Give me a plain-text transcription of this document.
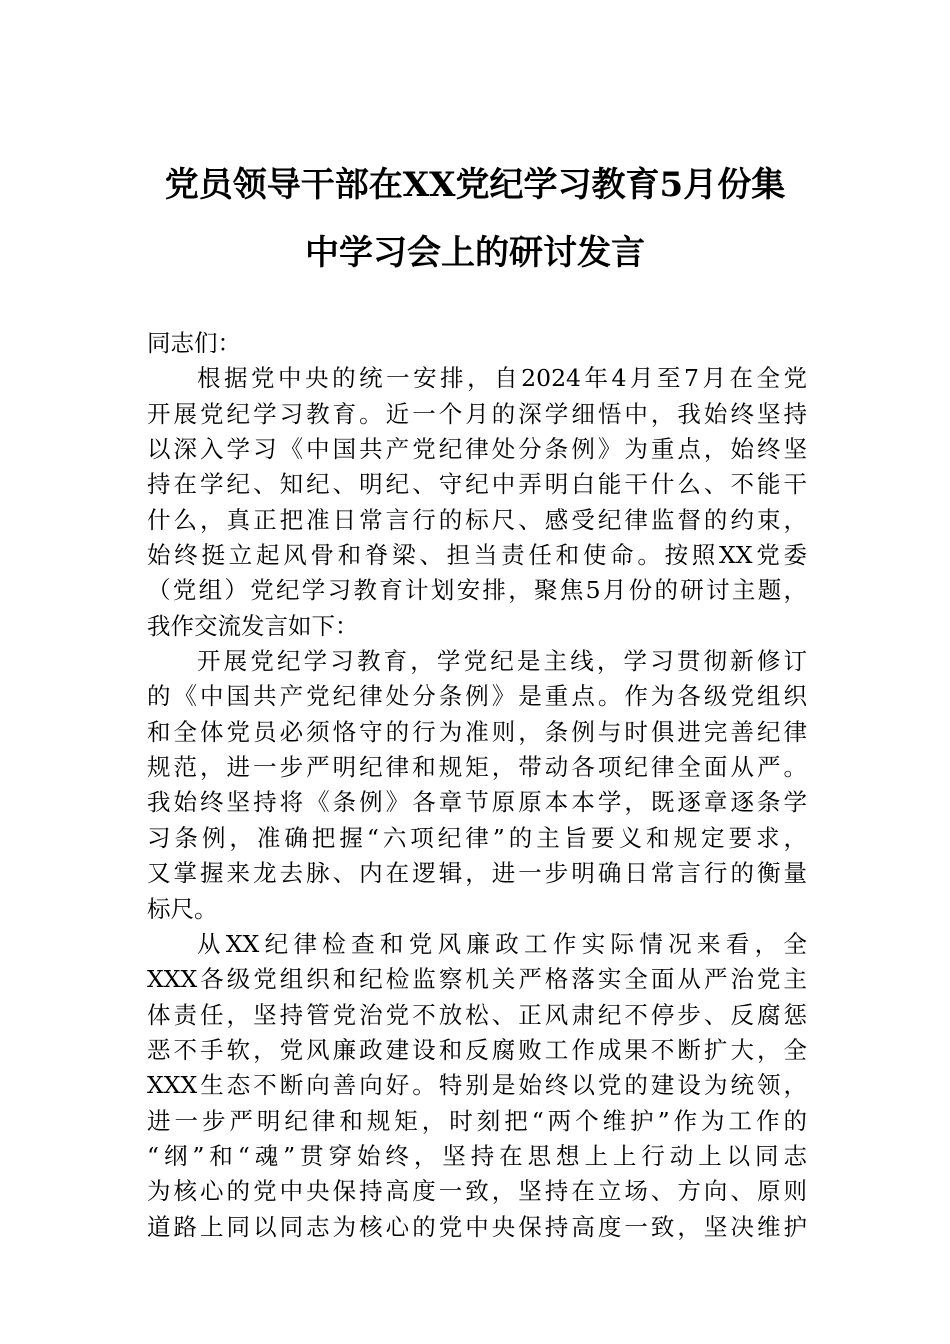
党员领导干部在XX党纪学习教育5月份集
中学习会上的研讨发言
同志们：
根据党中央的统一安排，自2024年4月至7月在全党
开展党纪学习教育。近一个月的深学细悟中，我始终坚持
以深入学习《中国共产党纪律处分条例》为重点，始终坚
持在学纪、知纪、明纪、守纪中弄明白能干什么、不能干
什么，真正把准日常言行的标尺、感受纪律监督的约束，
始终挺立起风骨和脊梁、担当责任和使命。按照XX党委
（党组）党纪学习教育计划安排，聚焦5月份的研讨主题，
我作交流发言如下：
开展党纪学习教育，学党纪是主线，学习贯彻新修订
的《中国共产党纪律处分条例》是重点。作为各级党组织
和全体党员必须恪守的行为准则，条例与时俱进完善纪律
规范，进一步严明纪律和规矩，带动各项纪律全面从严。
我始终坚持将《条例》各章节原原本本学，既逐章逐条学
习条例，准确把握“六项纪律”的主旨要义和规定要求，
又掌握来龙去脉、内在逻辑，进一步明确日常言行的衡量
标尺。
从XX纪律检查和党风廉政工作实际情况来看，全
XXX各级党组织和纪检监察机关严格落实全面从严治党主
体责任，坚持管党治党不放松、正风肃纪不停步、反腐惩
恶不手软，党风廉政建设和反腐败工作成果不断扩大，全
XXX生态不断向善向好。特别是始终以党的建设为统领，
进一步严明纪律和规矩，时刻把“两个维护”作为工作的
“纲”和“魂”贯穿始终，坚持在思想上上行动上以同志
为核心的党中央保持高度一致，坚持在立场、方向、原则
道路上同以同志为核心的党中央保持高度一致，坚决维护
